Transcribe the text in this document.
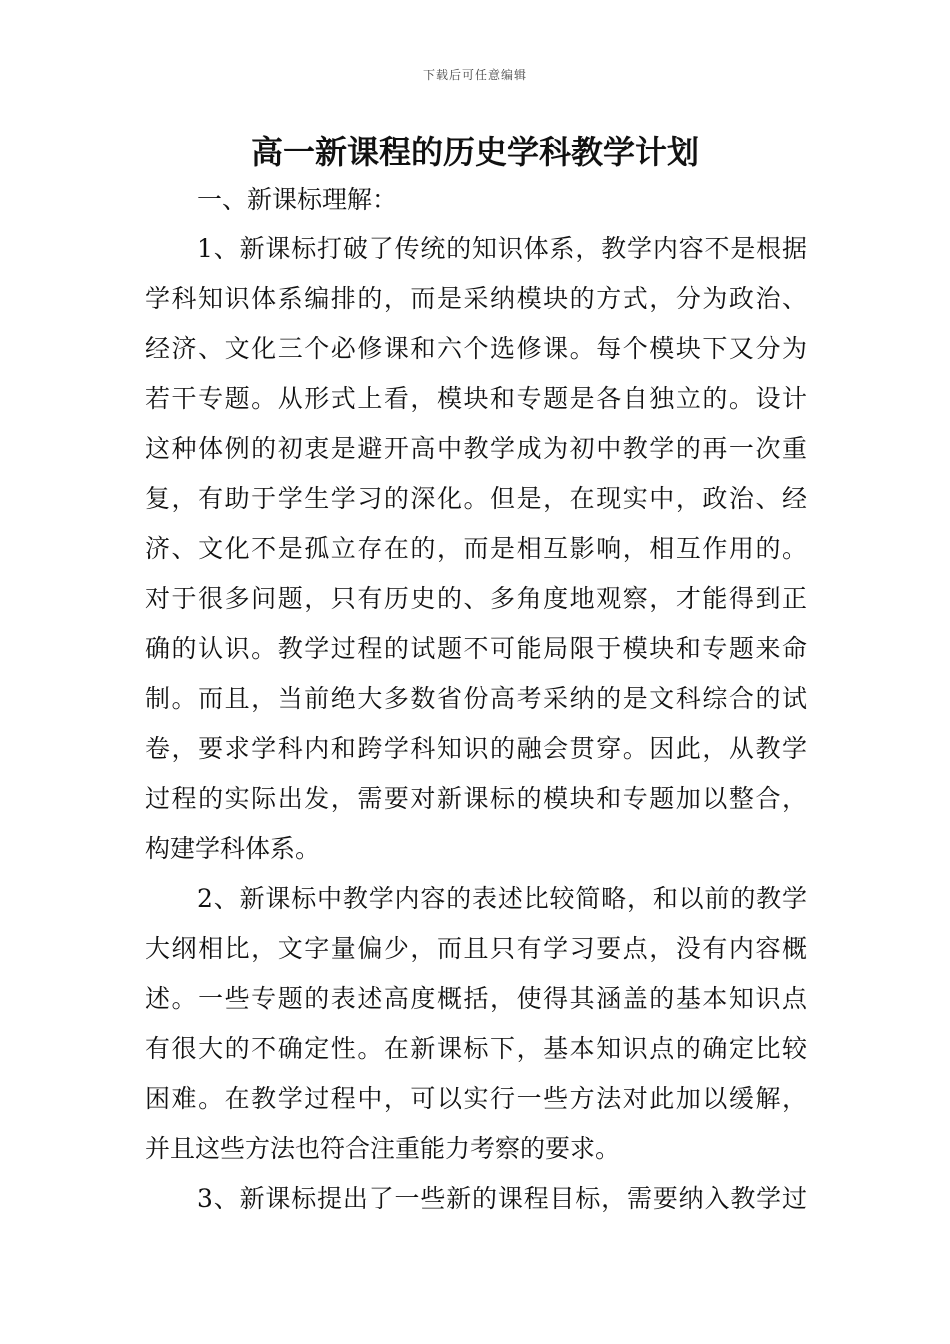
下载后可任意编辑
高一新课程的历史学科教学计划

一、新课标理解：

1、新课标打破了传统的知识体系，教学内容不是根据
学科知识体系编排的，而是采纳模块的方式，分为政治、
经济、文化三个必修课和六个选修课。每个模块下又分为
若干专题。从形式上看，模块和专题是各自独立的。设计
这种体例的初衷是避开高中教学成为初中教学的再一次重
复，有助于学生学习的深化。但是，在现实中，政治、经
济、文化不是孤立存在的，而是相互影响，相互作用的。
对于很多问题，只有历史的、多角度地观察，才能得到正
确的认识。教学过程的试题不可能局限于模块和专题来命
制。而且，当前绝大多数省份高考采纳的是文科综合的试
卷，要求学科内和跨学科知识的融会贯穿。因此，从教学
过程的实际出发，需要对新课标的模块和专题加以整合，
构建学科体系。

2、新课标中教学内容的表述比较简略，和以前的教学
大纲相比，文字量偏少，而且只有学习要点，没有内容概
述。一些专题的表述高度概括，使得其涵盖的基本知识点
有很大的不确定性。在新课标下，基本知识点的确定比较
困难。在教学过程中，可以实行一些方法对此加以缓解，
并且这些方法也符合注重能力考察的要求。

3、新课标提出了一些新的课程目标，需要纳入教学过
